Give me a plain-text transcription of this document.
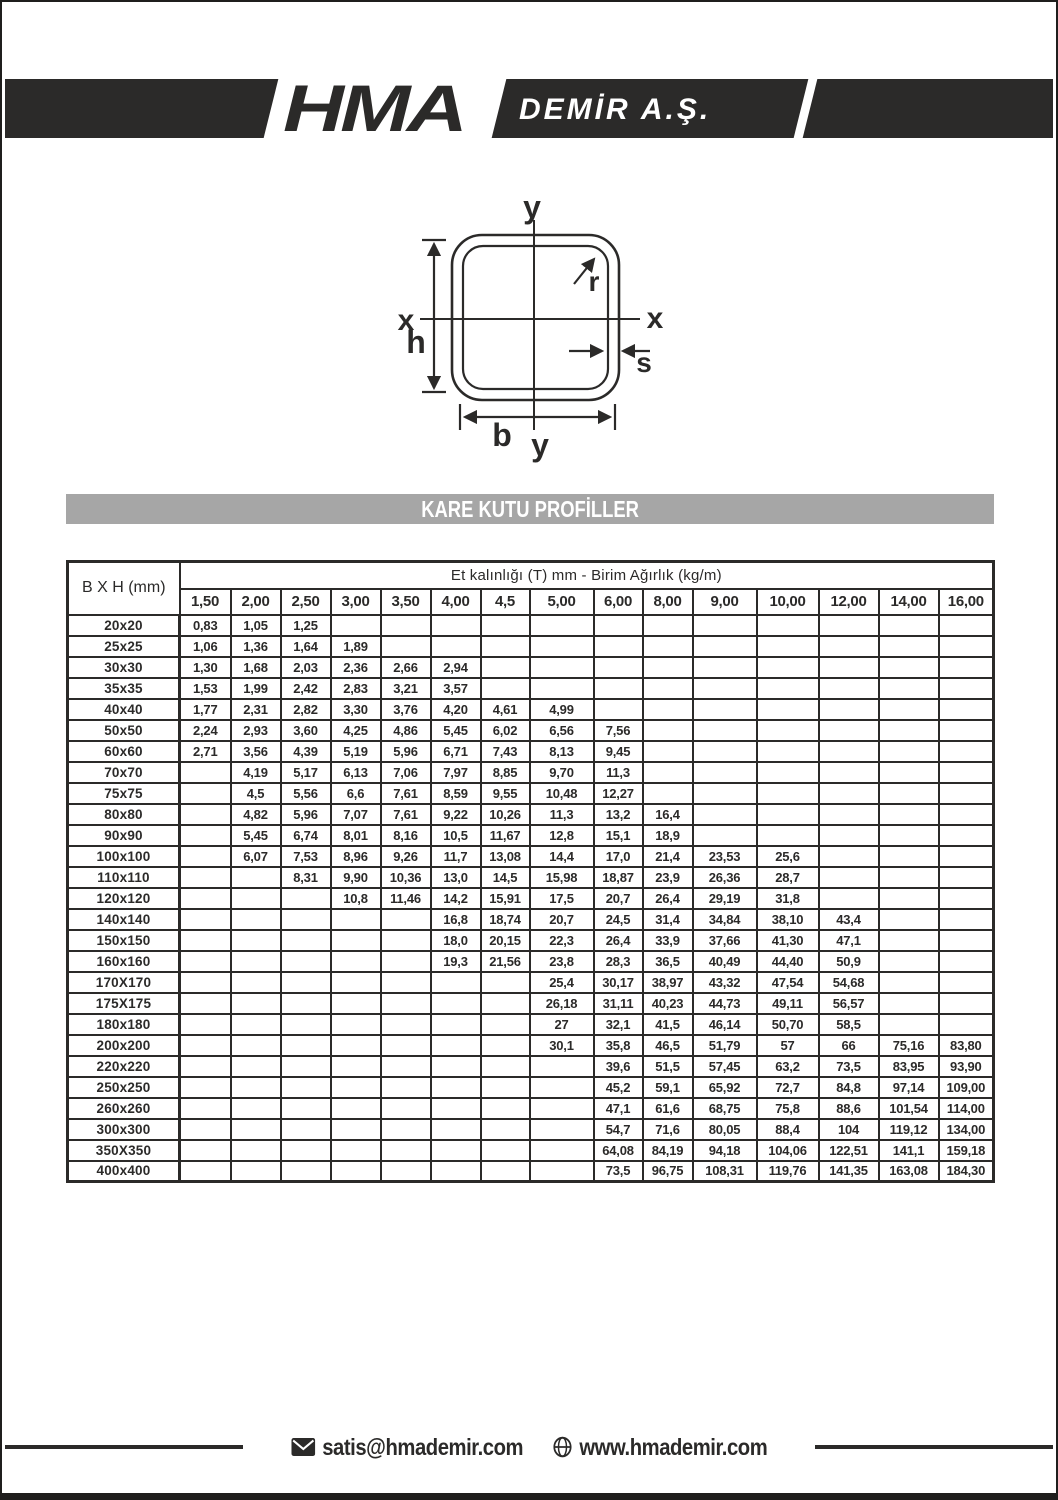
HMA DEMİR A.Ş.
y
y
x	x
h
b
r
s
KARE KUTU PROFİLLER
B X H (mm)	Et kalınlığı (T) mm - Birim Ağırlık (kg/m)														
	1,50	2,00	2,50	3,00	3,50	4,00	4,5	5,00	6,00	8,00	9,00	10,00	12,00	14,00	16,00
20x20	0,83	1,05	1,25												
25x25	1,06	1,36	1,64	1,89											
30x30	1,30	1,68	2,03	2,36	2,66	2,94									
35x35	1,53	1,99	2,42	2,83	3,21	3,57									
40x40	1,77	2,31	2,82	3,30	3,76	4,20	4,61	4,99							
50x50	2,24	2,93	3,60	4,25	4,86	5,45	6,02	6,56	7,56						
60x60	2,71	3,56	4,39	5,19	5,96	6,71	7,43	8,13	9,45						
70x70		4,19	5,17	6,13	7,06	7,97	8,85	9,70	11,3						
75x75		4,5	5,56	6,6	7,61	8,59	9,55	10,48	12,27						
80x80		4,82	5,96	7,07	7,61	9,22	10,26	11,3	13,2	16,4					
90x90		5,45	6,74	8,01	8,16	10,5	11,67	12,8	15,1	18,9					
100x100		6,07	7,53	8,96	9,26	11,7	13,08	14,4	17,0	21,4	23,53	25,6			
110x110			8,31	9,90	10,36	13,0	14,5	15,98	18,87	23,9	26,36	28,7			
120x120				10,8	11,46	14,2	15,91	17,5	20,7	26,4	29,19	31,8			
140x140						16,8	18,74	20,7	24,5	31,4	34,84	38,10	43,4		
150x150						18,0	20,15	22,3	26,4	33,9	37,66	41,30	47,1		
160x160						19,3	21,56	23,8	28,3	36,5	40,49	44,40	50,9		
170X170								25,4	30,17	38,97	43,32	47,54	54,68		
175X175								26,18	31,11	40,23	44,73	49,11	56,57		
180x180								27	32,1	41,5	46,14	50,70	58,5		
200x200								30,1	35,8	46,5	51,79	57	66	75,16	83,80
220x220									39,6	51,5	57,45	63,2	73,5	83,95	93,90
250x250									45,2	59,1	65,92	72,7	84,8	97,14	109,00
260x260									47,1	61,6	68,75	75,8	88,6	101,54	114,00
300x300									54,7	71,6	80,05	88,4	104	119,12	134,00
350X350									64,08	84,19	94,18	104,06	122,51	141,1	159,18
400x400									73,5	96,75	108,31	119,76	141,35	163,08	184,30
satis@hmademir.com www.hmademir.com
